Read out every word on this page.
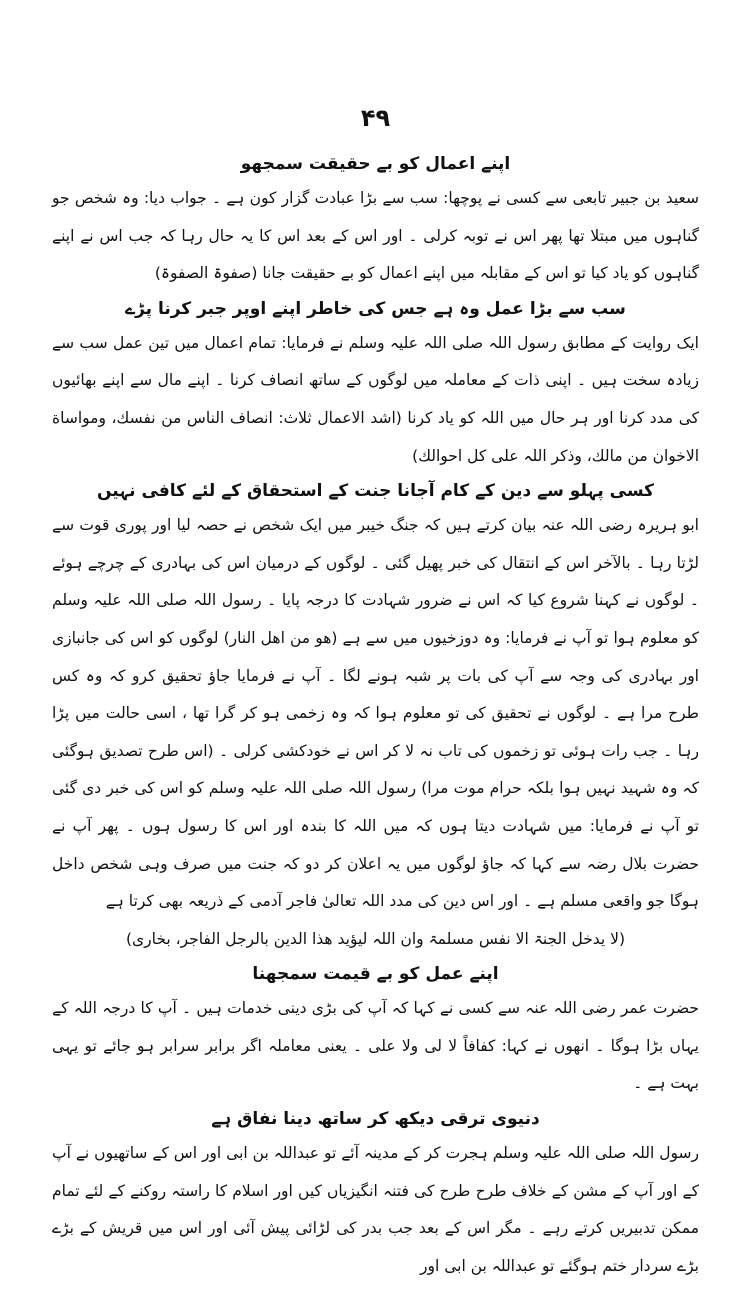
۴۹
اپنے اعمال کو بے حقیقت سمجھو

سعید بن جبیر تابعی سے کسی نے پوچھا: سب سے بڑا عبادت گزار کون ہے ۔ جواب دیا: وہ شخص جو گناہوں میں مبتلا تھا پھر اس نے توبہ کرلی ۔ اور اس کے بعد اس کا یہ حال رہا کہ جب اس نے اپنے گناہوں کو یاد کیا تو اس کے مقابلہ میں اپنے اعمال کو بے حقیقت جانا (صفوۃ الصفوۃ)

سب سے بڑا عمل وہ ہے جس کی خاطر اپنے اوپر جبر کرنا پڑے

ایک روایت کے مطابق رسول اللہ صلی اللہ علیہ وسلم نے فرمایا: تمام اعمال میں تین عمل سب سے زیادہ سخت ہیں ۔ اپنی ذات کے معاملہ میں لوگوں کے ساتھ انصاف کرنا ۔ اپنے مال سے اپنے بھائیوں کی مدد کرنا اور ہر حال میں اللہ کو یاد کرنا (اشد الاعمال ثلاث: انصاف الناس من نفسك، ومواساة الاخوان من مالك، وذکر اللہ علی کل احوالك)

کسی پہلو سے دین کے کام آجانا جنت کے استحقاق کے لئے کافی نہیں

ابو ہریرہ رضی اللہ عنہ بیان کرتے ہیں کہ جنگ خیبر میں ایک شخص نے حصہ لیا اور پوری قوت سے لڑتا رہا ۔ بالآخر اس کے انتقال کی خبر پھیل گئی ۔ لوگوں کے درمیان اس کی بہادری کے چرچے ہوئے ۔ لوگوں نے کہنا شروع کیا کہ اس نے ضرور شہادت کا درجہ پایا ۔ رسول اللہ صلی اللہ علیہ وسلم کو معلوم ہوا تو آپ نے فرمایا: وہ دوزخیوں میں سے ہے (ھو من اھل النار) لوگوں کو اس کی جانبازی اور بہادری کی وجہ سے آپ کی بات پر شبہ ہونے لگا ۔ آپ نے فرمایا جاؤ تحقیق کرو کہ وہ کس طرح مرا ہے ۔ لوگوں نے تحقیق کی تو معلوم ہوا کہ وہ زخمی ہو کر گرا تھا ، اسی حالت میں پڑا رہا ۔ جب رات ہوئی تو زخموں کی تاب نہ لا کر اس نے خودکشی کرلی ۔ (اس طرح تصدیق ہوگئی کہ وہ شہید نہیں ہوا بلکہ حرام موت مرا) رسول اللہ صلی اللہ علیہ وسلم کو اس کی خبر دی گئی تو آپ نے فرمایا: میں شہادت دیتا ہوں کہ میں اللہ کا بندہ اور اس کا رسول ہوں ۔ پھر آپ نے حضرت بلال رضہ سے کہا کہ جاؤ لوگوں میں یہ اعلان کر دو کہ جنت میں صرف وہی شخص داخل ہوگا جو واقعی مسلم ہے ۔ اور اس دین کی مدد اللہ تعالیٰ فاجر آدمی کے ذریعہ بھی کرتا ہے

(لا یدخل الجنۃ الا نفس مسلمۃ وان اللہ لیؤید ھذا الدین بالرجل الفاجر، بخاری)

اپنے عمل کو بے قیمت سمجھنا

حضرت عمر رضی اللہ عنہ سے کسی نے کہا کہ آپ کی بڑی دینی خدمات ہیں ۔ آپ کا درجہ اللہ کے یہاں بڑا ہوگا ۔ انھوں نے کہا: کفافاً لا لی ولا علی ۔ یعنی معاملہ اگر برابر سرابر ہو جائے تو یہی بہت ہے ۔

دنیوی ترقی دیکھ کر ساتھ دینا نفاق ہے

رسول اللہ صلی اللہ علیہ وسلم ہجرت کر کے مدینہ آئے تو عبداللہ بن ابی اور اس کے ساتھیوں نے آپ کے اور آپ کے مشن کے خلاف طرح طرح کی فتنہ انگیزیاں کیں اور اسلام کا راستہ روکنے کے لئے تمام ممکن تدبیریں کرتے رہے ۔ مگر اس کے بعد جب بدر کی لڑائی پیش آئی اور اس میں قریش کے بڑے بڑے سردار ختم ہوگئے تو عبداللہ بن ابی اور
